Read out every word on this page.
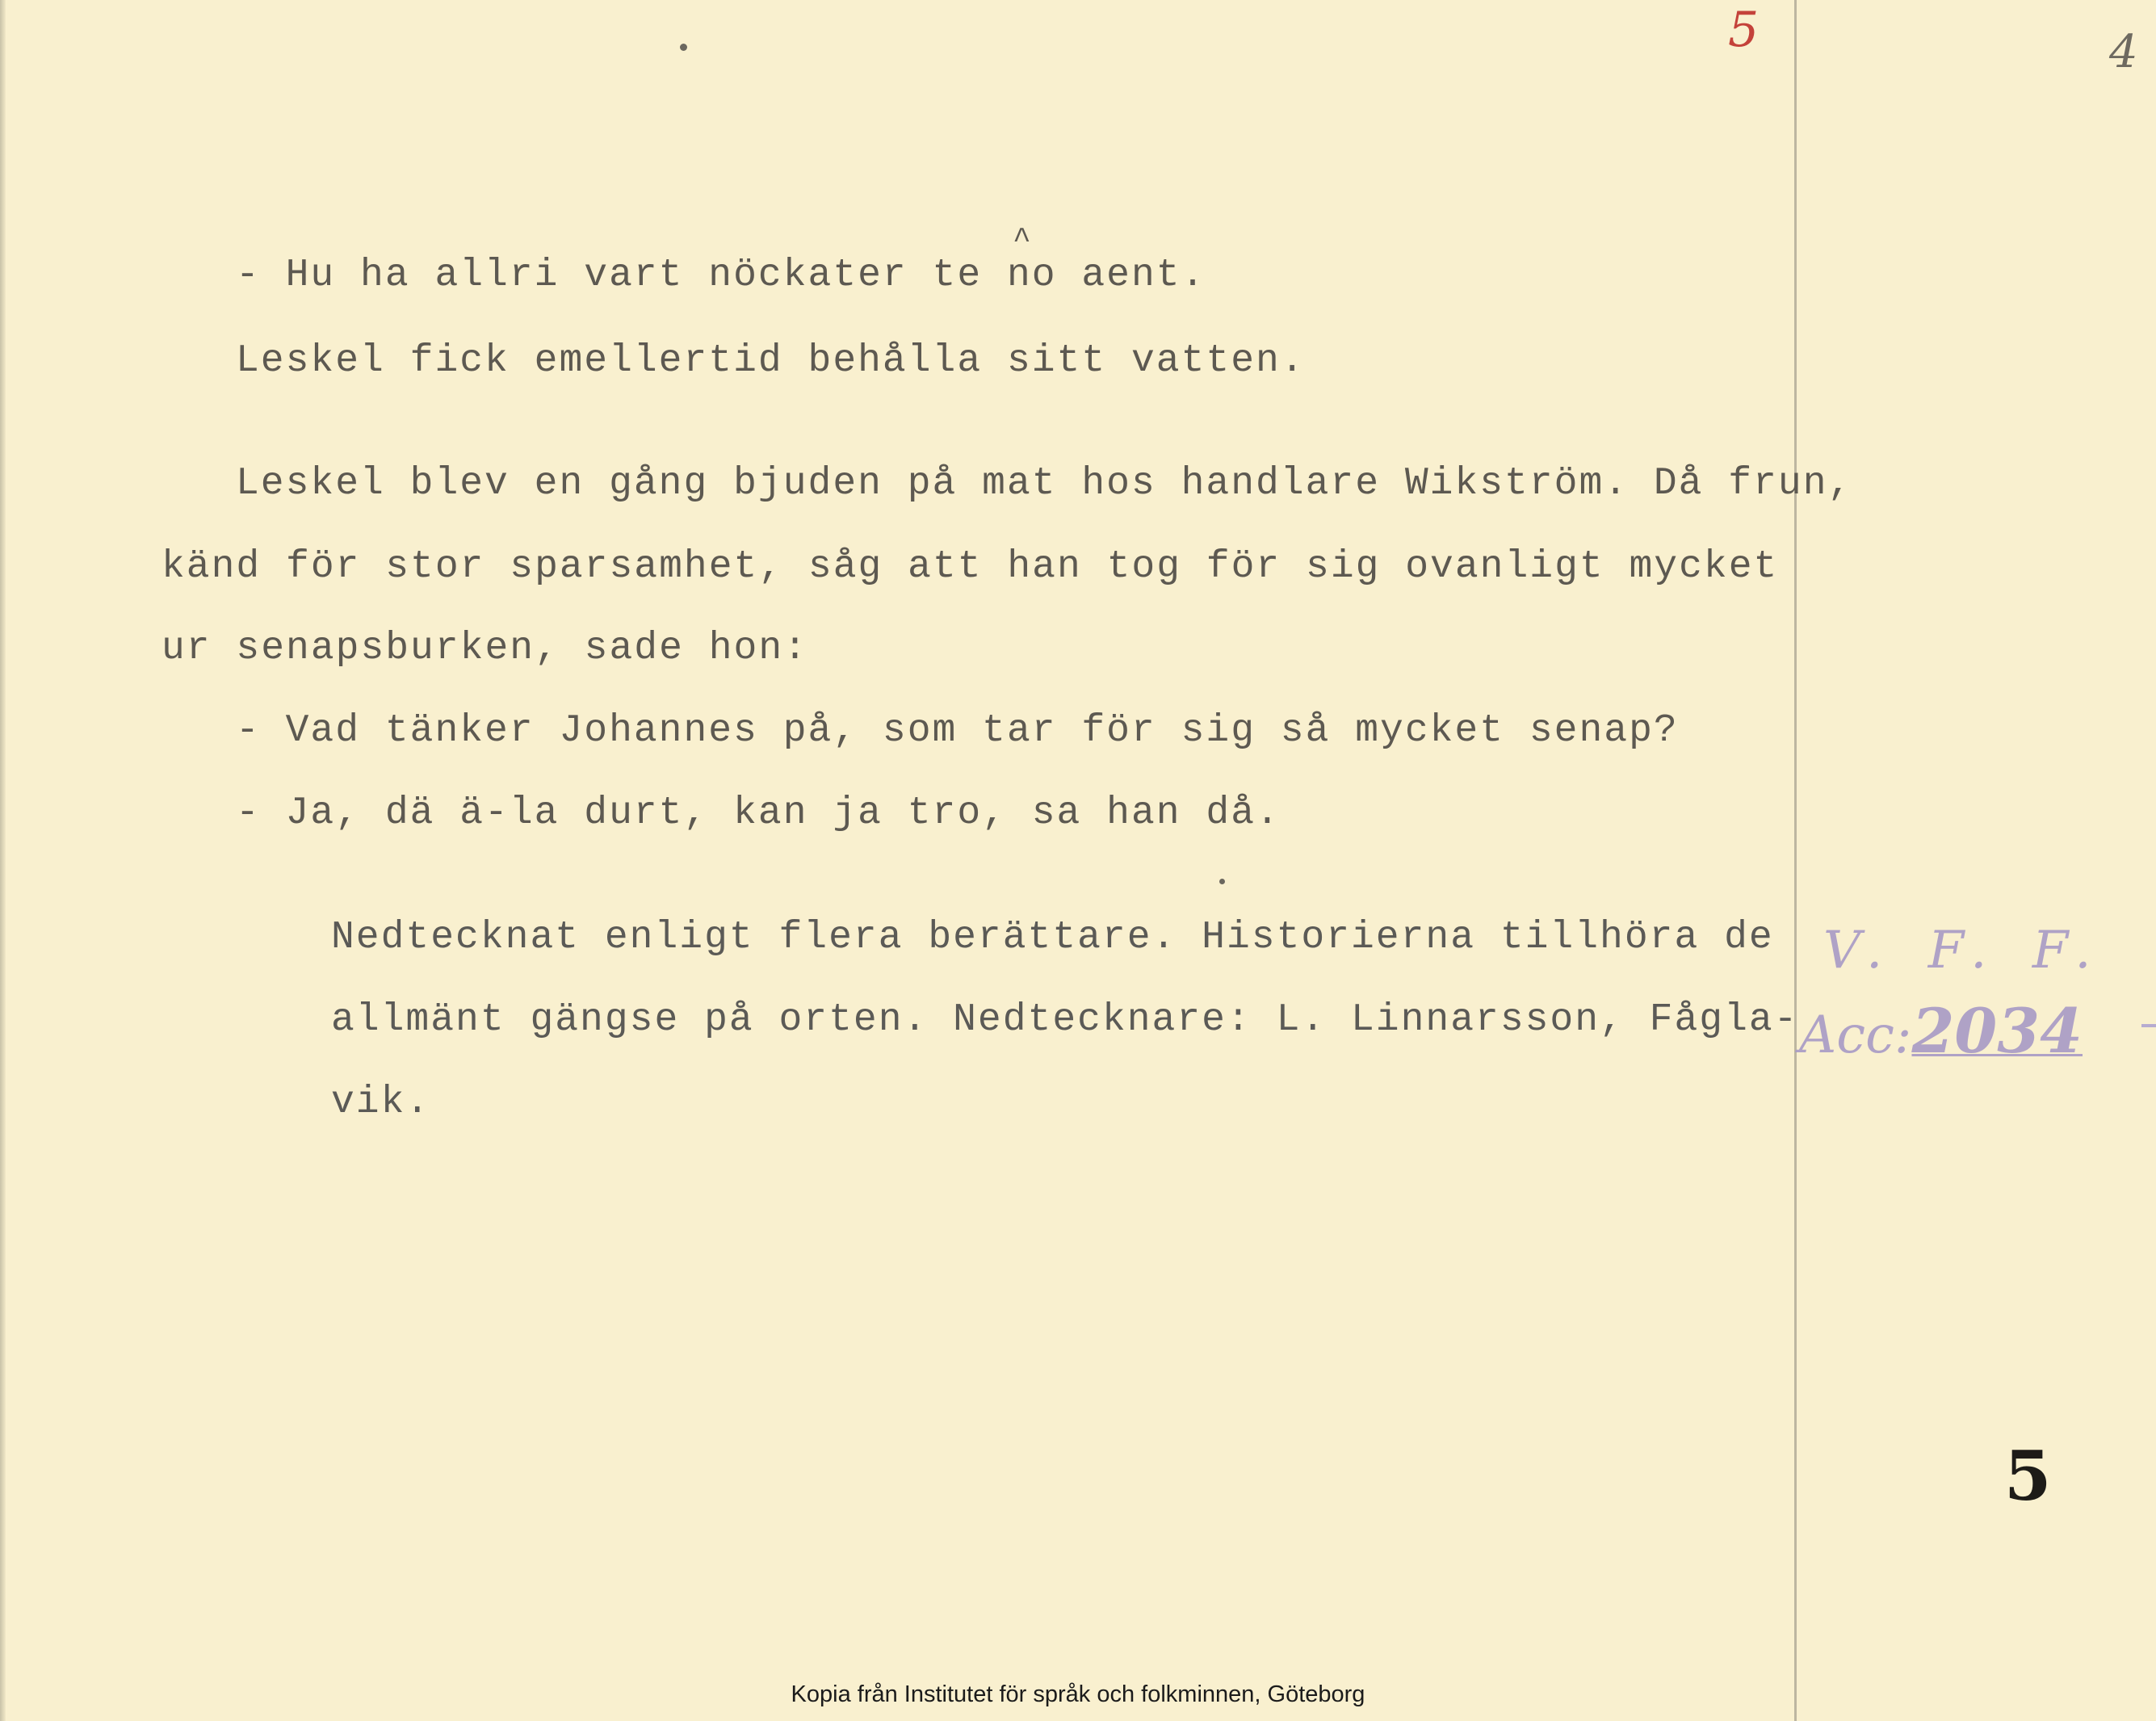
5	4
^
- Hu ha allri vart nöckater te no aent.
Leskel fick emellertid behålla sitt vatten.
Leskel blev en gång bjuden på mat hos handlare Wikström. Då frun,
känd för stor sparsamhet, såg att han tog för sig ovanligt mycket
ur senapsburken, sade hon:
- Vad tänker Johannes på, som tar för sig så mycket senap?
- Ja, dä ä-la durt, kan ja tro, sa han då.
Nedtecknat enligt flera berättare. Historierna tillhöra de
allmänt gängse på orten. Nedtecknare: L. Linnarsson, Fågla-
vik.
V. F. F.
Acc:2034
5
Kopia från Institutet för språk och folkminnen, Göteborg
